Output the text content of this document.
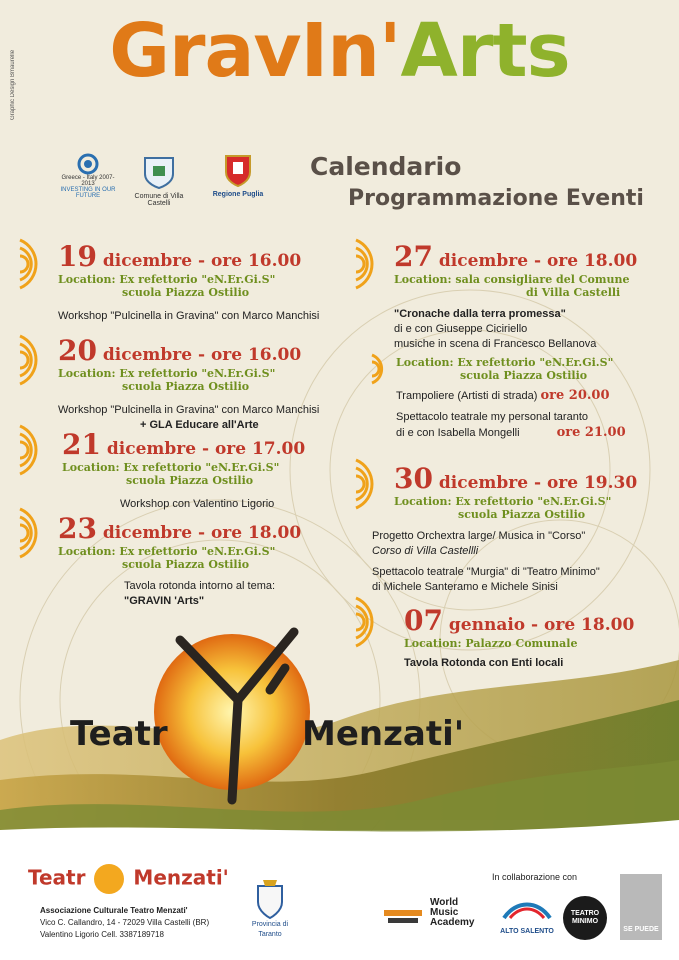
GravIn'Arts
Graphic Design Bmaurelle
Greece - Italy 2007-2013
INVESTING IN OUR FUTURE	Comune di Villa Castelli
Regione Puglia
Calendario
Programmazione Eventi
19 dicembre - ore 16.00
Location: Ex refettorio "eN.Er.Gi.S"
scuola Piazza Ostilio
Workshop "Pulcinella in Gravina" con Marco Manchisi
20 dicembre - ore 16.00
Location: Ex refettorio "eN.Er.Gi.S"
scuola Piazza Ostilio
Workshop "Pulcinella in Gravina" con Marco Manchisi
+ GLA Educare all'Arte
21 dicembre - ore 17.00
Location: Ex refettorio "eN.Er.Gi.S"
scuola Piazza Ostilio
Workshop con Valentino Ligorio
23 dicembre - ore 18.00
Location: Ex refettorio "eN.Er.Gi.S"
scuola Piazza Ostilio
Tavola rotonda intorno al tema:
"GRAVIN 'Arts"
27 dicembre - ore 18.00
Location: sala consigliare del Comune
di Villa Castelli
"Cronache dalla terra promessa"
di e con Giuseppe Ciciriello
musiche in scena di Francesco Bellanova
Location: Ex refettorio "eN.Er.Gi.S"
scuola Piazza Ostilio
Trampoliere (Artisti di strada) ore 20.00
Spettacolo teatrale my personal taranto
di e con Isabella Mongelli	ore 21.00
30 dicembre - ore 19.30
Location: Ex refettorio "eN.Er.Gi.S"
scuola Piazza Ostilio
Progetto Orchextra large/ Musica in "Corso"
Corso di Villa Castellli
Spettacolo teatrale "Murgia" di "Teatro Minimo"
di Michele Santeramo e Michele Sinisi
07 gennaio - ore 18.00
Location: Palazzo Comunale
Tavola Rotonda con Enti locali
Teatr	Menzati'
Teatr Menzati'
Associazione Culturale Teatro Menzati'
Vico C. Callandro, 14 - 72029 Villa Castelli (BR)
Valentino Ligorio Cell. 3387189718
Provincia di Taranto
In collaborazione con
World Music Academy
ALTO SALENTO
TEATRO MINIMO
SE PUEDE
